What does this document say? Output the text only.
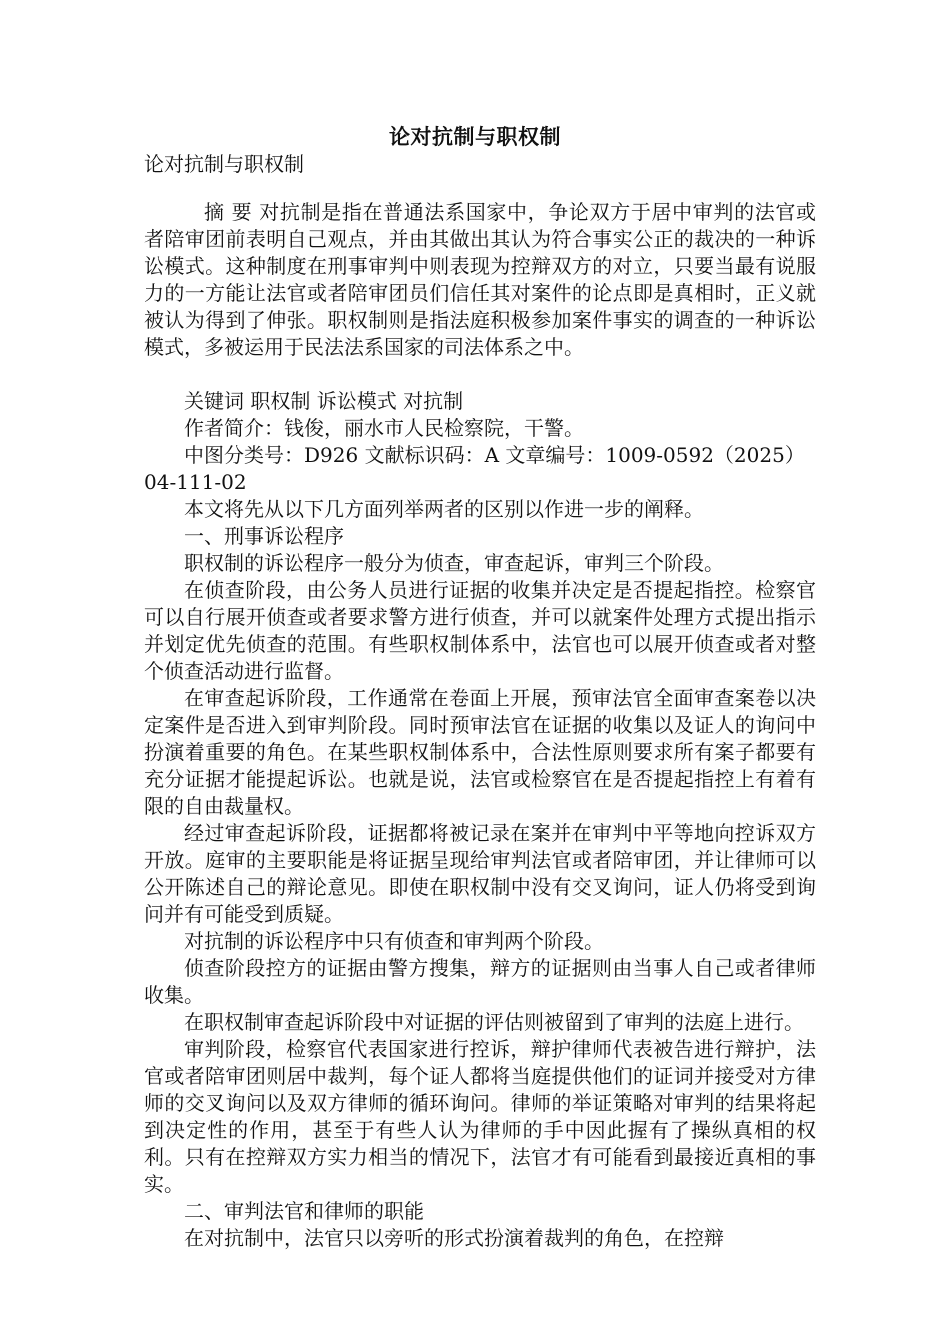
论对抗制与职权制
论对抗制与职权制

摘 要 对抗制是指在普通法系国家中，争论双方于居中审判的法官或者陪审团前表明自己观点，并由其做出其认为符合事实公正的裁决的一种诉讼模式。这种制度在刑事审判中则表现为控辩双方的对立，只要当最有说服力的一方能让法官或者陪审团员们信任其对案件的论点即是真相时，正义就被认为得到了伸张。职权制则是指法庭积极参加案件事实的调查的一种诉讼模式，多被运用于民法法系国家的司法体系之中。

关键词 职权制 诉讼模式 对抗制

作者简介：钱俊，丽水市人民检察院，干警。

中图分类号：D926 文献标识码：A 文章编号：1009-0592（2025）04-111-02

本文将先从以下几方面列举两者的区别以作进一步的阐释。

一、刑事诉讼程序

职权制的诉讼程序一般分为侦查，审查起诉，审判三个阶段。

在侦查阶段，由公务人员进行证据的收集并决定是否提起指控。检察官可以自行展开侦查或者要求警方进行侦查，并可以就案件处理方式提出指示并划定优先侦查的范围。有些职权制体系中，法官也可以展开侦查或者对整个侦查活动进行监督。

在审查起诉阶段，工作通常在卷面上开展，预审法官全面审查案卷以决定案件是否进入到审判阶段。同时预审法官在证据的收集以及证人的询问中扮演着重要的角色。在某些职权制体系中，合法性原则要求所有案子都要有充分证据才能提起诉讼。也就是说，法官或检察官在是否提起指控上有着有限的自由裁量权。

经过审查起诉阶段，证据都将被记录在案并在审判中平等地向控诉双方开放。庭审的主要职能是将证据呈现给审判法官或者陪审团，并让律师可以公开陈述自己的辩论意见。即使在职权制中没有交叉询问，证人仍将受到询问并有可能受到质疑。

对抗制的诉讼程序中只有侦查和审判两个阶段。

侦查阶段控方的证据由警方搜集，辩方的证据则由当事人自己或者律师收集。

在职权制审查起诉阶段中对证据的评估则被留到了审判的法庭上进行。

审判阶段，检察官代表国家进行控诉，辩护律师代表被告进行辩护，法官或者陪审团则居中裁判，每个证人都将当庭提供他们的证词并接受对方律师的交叉询问以及双方律师的循环询问。律师的举证策略对审判的结果将起到决定性的作用，甚至于有些人认为律师的手中因此握有了操纵真相的权利。只有在控辩双方实力相当的情况下，法官才有可能看到最接近真相的事实。

二、审判法官和律师的职能

在对抗制中，法官只以旁听的形式扮演着裁判的角色，在控辩
